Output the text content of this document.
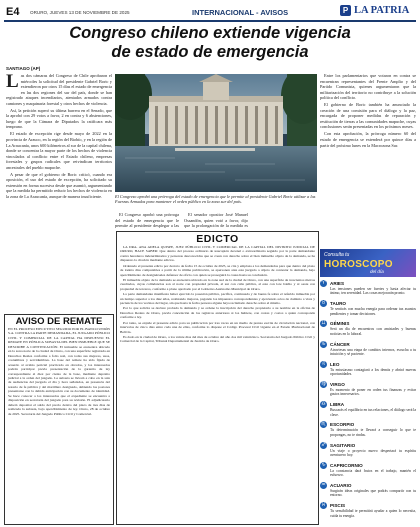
E4 ORURO, JUEVES 13 DE NOVIEMBRE DE 2025	INTERNACIONAL - AVISOS	P LA PATRIA
Congreso chileno extiende vigencia
de estado de emergencia
SANTIAGO (AP)
L as dos cámaras del Congreso de Chile aprobaron el miércoles la solicitud del presidente Gabriel Boric y extendieron por otros 15 días el estado de emergencia en las dos regiones del sur del país, donde se han registrado ataques incendiarios, atentados armados contra camiones y maquinaria forestal y otros hechos de violencia.

Así, la petición superó su última barrera en el Senado, que la aprobó con 29 votos a favor, 2 en contra y 6 abstenciones, luego de que la Cámara de Diputados la ratificara más temprano.

El estado de excepción rige desde mayo de 2022 en la provincia de Arauco, en la región del Biobío, y en la región de La Araucanía, unos 600 kilómetros al sur de la capital chilena, donde se concentra la mayor parte de los hechos de violencia vinculados al conflicto entre el Estado chileno, empresas forestales y grupos radicales que reivindican territorios ancestrales del pueblo mapuche.

A pesar de que el gobierno de Boric criticó, cuando era oposición, el uso del estado de excepción, ha solicitado su extensión en forma sucesiva desde que asumió, argumentando que la medida ha permitido reducir los hechos de violencia en la zona de La Araucanía, aunque de manera insuficiente.	El Congreso aprobó una prórroga del estado de emergencia que le permite al presidente Gabriel Boric utilizar a las Fuerzas Armadas para mantener el orden público en la zona sur del país.

El Congreso aprobó una prórroga del estado de emergencia que le permite al presidente desplegar a las

El senador opositor José Manuel Ossandón, quien votó a favor, dijo que la prolongación de la medida es

Entre los parlamentarios que votaron en contra se encuentran representantes del Frente Amplio y del Partido Comunista, quienes argumentaron que la militarización del territorio no contribuye a la solución política del conflicto.

El gobierno de Boric también ha anunciado la creación de una comisión para el diálogo y la paz, encargada de proponer medidas de reparación y restitución de tierras a las comunidades mapuche, cuyas conclusiones serán presentadas en los próximos meses.

Con esta aprobación, la prórroga número 60 del estado de emergencia se extenderá por quince días a partir del próximo lunes en la Macrozona Sur.

AVISO DE REMATE
EN EL PROCESO EJECUTIVO SEGUIDO POR EL BANCO UNIÓN S.A. CONTRA LA PARTE DEMANDADA, EL JUZGADO PÚBLICO CIVIL Y COMERCIAL DE LA CAPITAL HA DISPUESTO EL REMATE EN PÚBLICA SUBASTA DEL BIEN INMUEBLE QUE SE DESCRIBE A CONTINUACIÓN. El inmueble se encuentra ubicado en la zona norte de la ciudad de Oruro, con una superficie registrada en Derechos Reales conforme a folio real, con todas sus mejoras, usos, costumbres y servidumbres. La base del remate ha sido fijada de acuerdo al avalúo pericial practicado en obrados, y los interesados podrán participar previa presentación de la garantía de ley correspondiente al diez por ciento de la base, mediante depósito judicial a la orden del juzgado. La subasta se llevará a cabo en la sala de audiencias del juzgado el día y hora señalados, en presencia del notario de fe pública y del martillero designado, debiendo los postores presentarse con la debida anticipación con su documento de identidad. Se hace conocer a los interesados que el expediente se encuentra a disposición en secretaría del juzgado para su revisión. El adjudicatario deberá depositar el saldo del precio dentro del plazo de tres días de realizada la subasta, bajo apercibimiento de ley. Oruro, 28 de octubre de 2025. Secretaría del Juzgado Público Civil y Comercial.
EDICTO

LA DRA. ANA ADELA QUISPE, JUEZ PÚBLICO CIVIL Y COMERCIAL DE LA CAPITAL DEL DISTRITO JUDICIAL DE ORURO, HACE SABER: Que dentro del proceso ordinario de usucapión decenal o extraordinaria seguido por la parte demandante contra herederos indeterminados y personas desconocidas que se crean con derecho sobre el bien inmueble objeto de la demanda, se ha dispuesto la citación mediante edictos.

Ordenado el presente edicto por decreto de fecha 15 de octubre de 2025, se cita y emplaza a los demandados para que dentro del plazo de treinta días computables a partir de la última publicación, se apersonen ante este juzgado a objeto de contestar la demanda, bajo apercibimiento de designárseles defensor de oficio con quien se proseguirá la causa hasta su conclusión.

El inmueble objeto de la demanda se encuentra ubicado en la zona sud de la ciudad de Oruro, con una superficie de trescientos metros cuadrados, cuyas colindancias son al norte con propiedad privada, al sur con calle pública, al este con lote baldío y al oeste con propiedad de terceros, conforme a plano aprobado por el Gobierno Autónomo Municipal de Oruro.

La parte demandante manifiesta haber ejercido la posesión pública, pacífica, continuada y de buena fe sobre el referido inmueble por un tiempo superior a los diez años, realizando mejoras, pagando los impuestos correspondientes y ejerciendo actos de dominio a vista y paciencia de los vecinos del lugar, sin que hasta la fecha persona alguna haya reclamado derecho sobre el mismo.

Por lo que solicita se declare probada la demanda y se ordene la inscripción del derecho propietario a su nombre en la oficina de Derechos Reales de Oruro, previa cancelación de los registros anteriores si los hubiere, con costas y costos a quien corresponda conforme a ley.

Por tanto, se expide el presente edicto para su publicación por tres veces en un medio de prensa escrita de circulación nacional, con intervalos de cinco días entre cada una de ellas, conforme lo dispone el Código Procesal Civil vigente en el Estado Plurinacional de Bolivia.

Es dado en la ciudad de Oruro, a los veinte días del mes de octubre del año dos mil veinticinco. Secretaría del Juzgado Público Civil y Comercial de la Capital, Tribunal Departamental de Justicia de Oruro.

Consulta tu
HOROSCOPO
del día
♈ ARIES
Las tensiones pueden ser fuertes y hasta afectar tu ánimo, ten serenidad. Las cosas mejorarán pronto.
♉ TAURO
Te sentirás con mucha energía para ordenar tus asuntos pendientes y tomar decisiones.
♊ GÉMINIS
Será un día de encuentros con amistades y buenas noticias en lo laboral.
♋ CÁNCER
Atraviesas una etapa de cambios internos, escucha a tu intuición y sé paciente.
♌ LEO
Tu entusiasmo contagiará a los demás y abrirá nuevas oportunidades.
♍ VIRGO
Es momento de poner en orden tus finanzas y evitar gastos innecesarios.
♎ LIBRA
Buscarás el equilibrio en tus relaciones, el diálogo será la clave.
♏ ESCORPIO
Tu determinación te llevará a conseguir lo que te propongas, no te rindas.
♐ SAGITARIO
Un viaje o proyecto nuevo despertará tu espíritu aventurero hoy.
♑ CAPRICORNIO
La constancia dará frutos en el trabajo, mantén el esfuerzo.
♒ ACUARIO
Surgirán ideas originales que podrás compartir con tu entorno.
♓ PISCIS
Tu sensibilidad te permitirá ayudar a quien lo necesita, cuida tu energía.
